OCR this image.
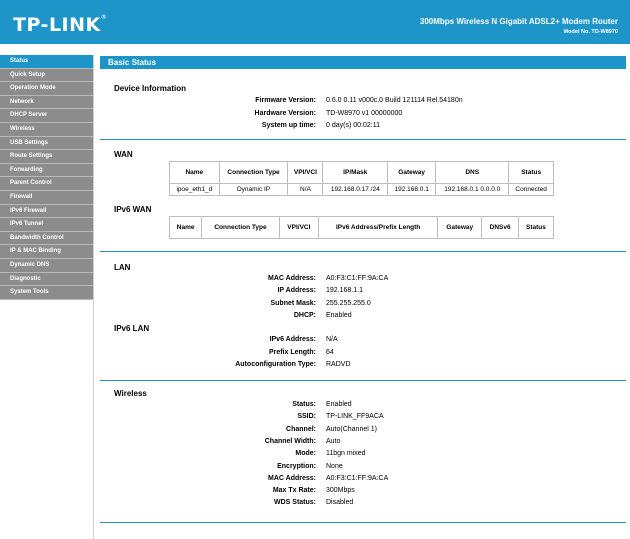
TP-LINK®	300Mbps Wireless N Gigabit ADSL2+ Modem Router
Model No. TD-W8970
Status
Quick Setup
Operation Mode
Network
DHCP Server
Wireless
USB Settings
Route Settings
Forwarding
Parent Control
Firewall
IPv6 Firewall
IPv6 Tunnel
Bandwidth Control
IP & MAC Binding
Dynamic DNS
Diagnostic
System Tools
Basic Status
Device Information
Firmware Version: 0.6.0 0.11 v000c.0 Build 121114 Rel.54180n
Hardware Version: TD-W8970 v1 00000000
System up time: 0 day(s) 00:02:11
WAN
Name	Connection Type	VPI/VCI	IP/Mask	Gateway	DNS	Status
ipoe_eth1_d	Dynamic IP	N/A	192.168.0.17 /24	192.168.0.1	192.168.0.1 0.0.0.0	Connected
IPv6 WAN
Name	Connection Type	VPI/VCI	IPv6 Address/Prefix Length	Gateway	DNSv6	Status
LAN
MAC Address: A0:F3:C1:FF:9A:CA
IP Address: 192.168.1.1
Subnet Mask: 255.255.255.0
DHCP: Enabled
IPv6 LAN
IPv6 Address: N/A
Prefix Length: 64
Autoconfiguration Type: RADVD
Wireless
Status: Enabled
SSID: TP-LINK_FF9ACA
Channel: Auto(Channel 1)
Channel Width: Auto
Mode: 11bgn mixed
Encryption: None
MAC Address: A0:F3:C1:FF:9A:CA
Max Tx Rate: 300Mbps
WDS Status: Disabled
